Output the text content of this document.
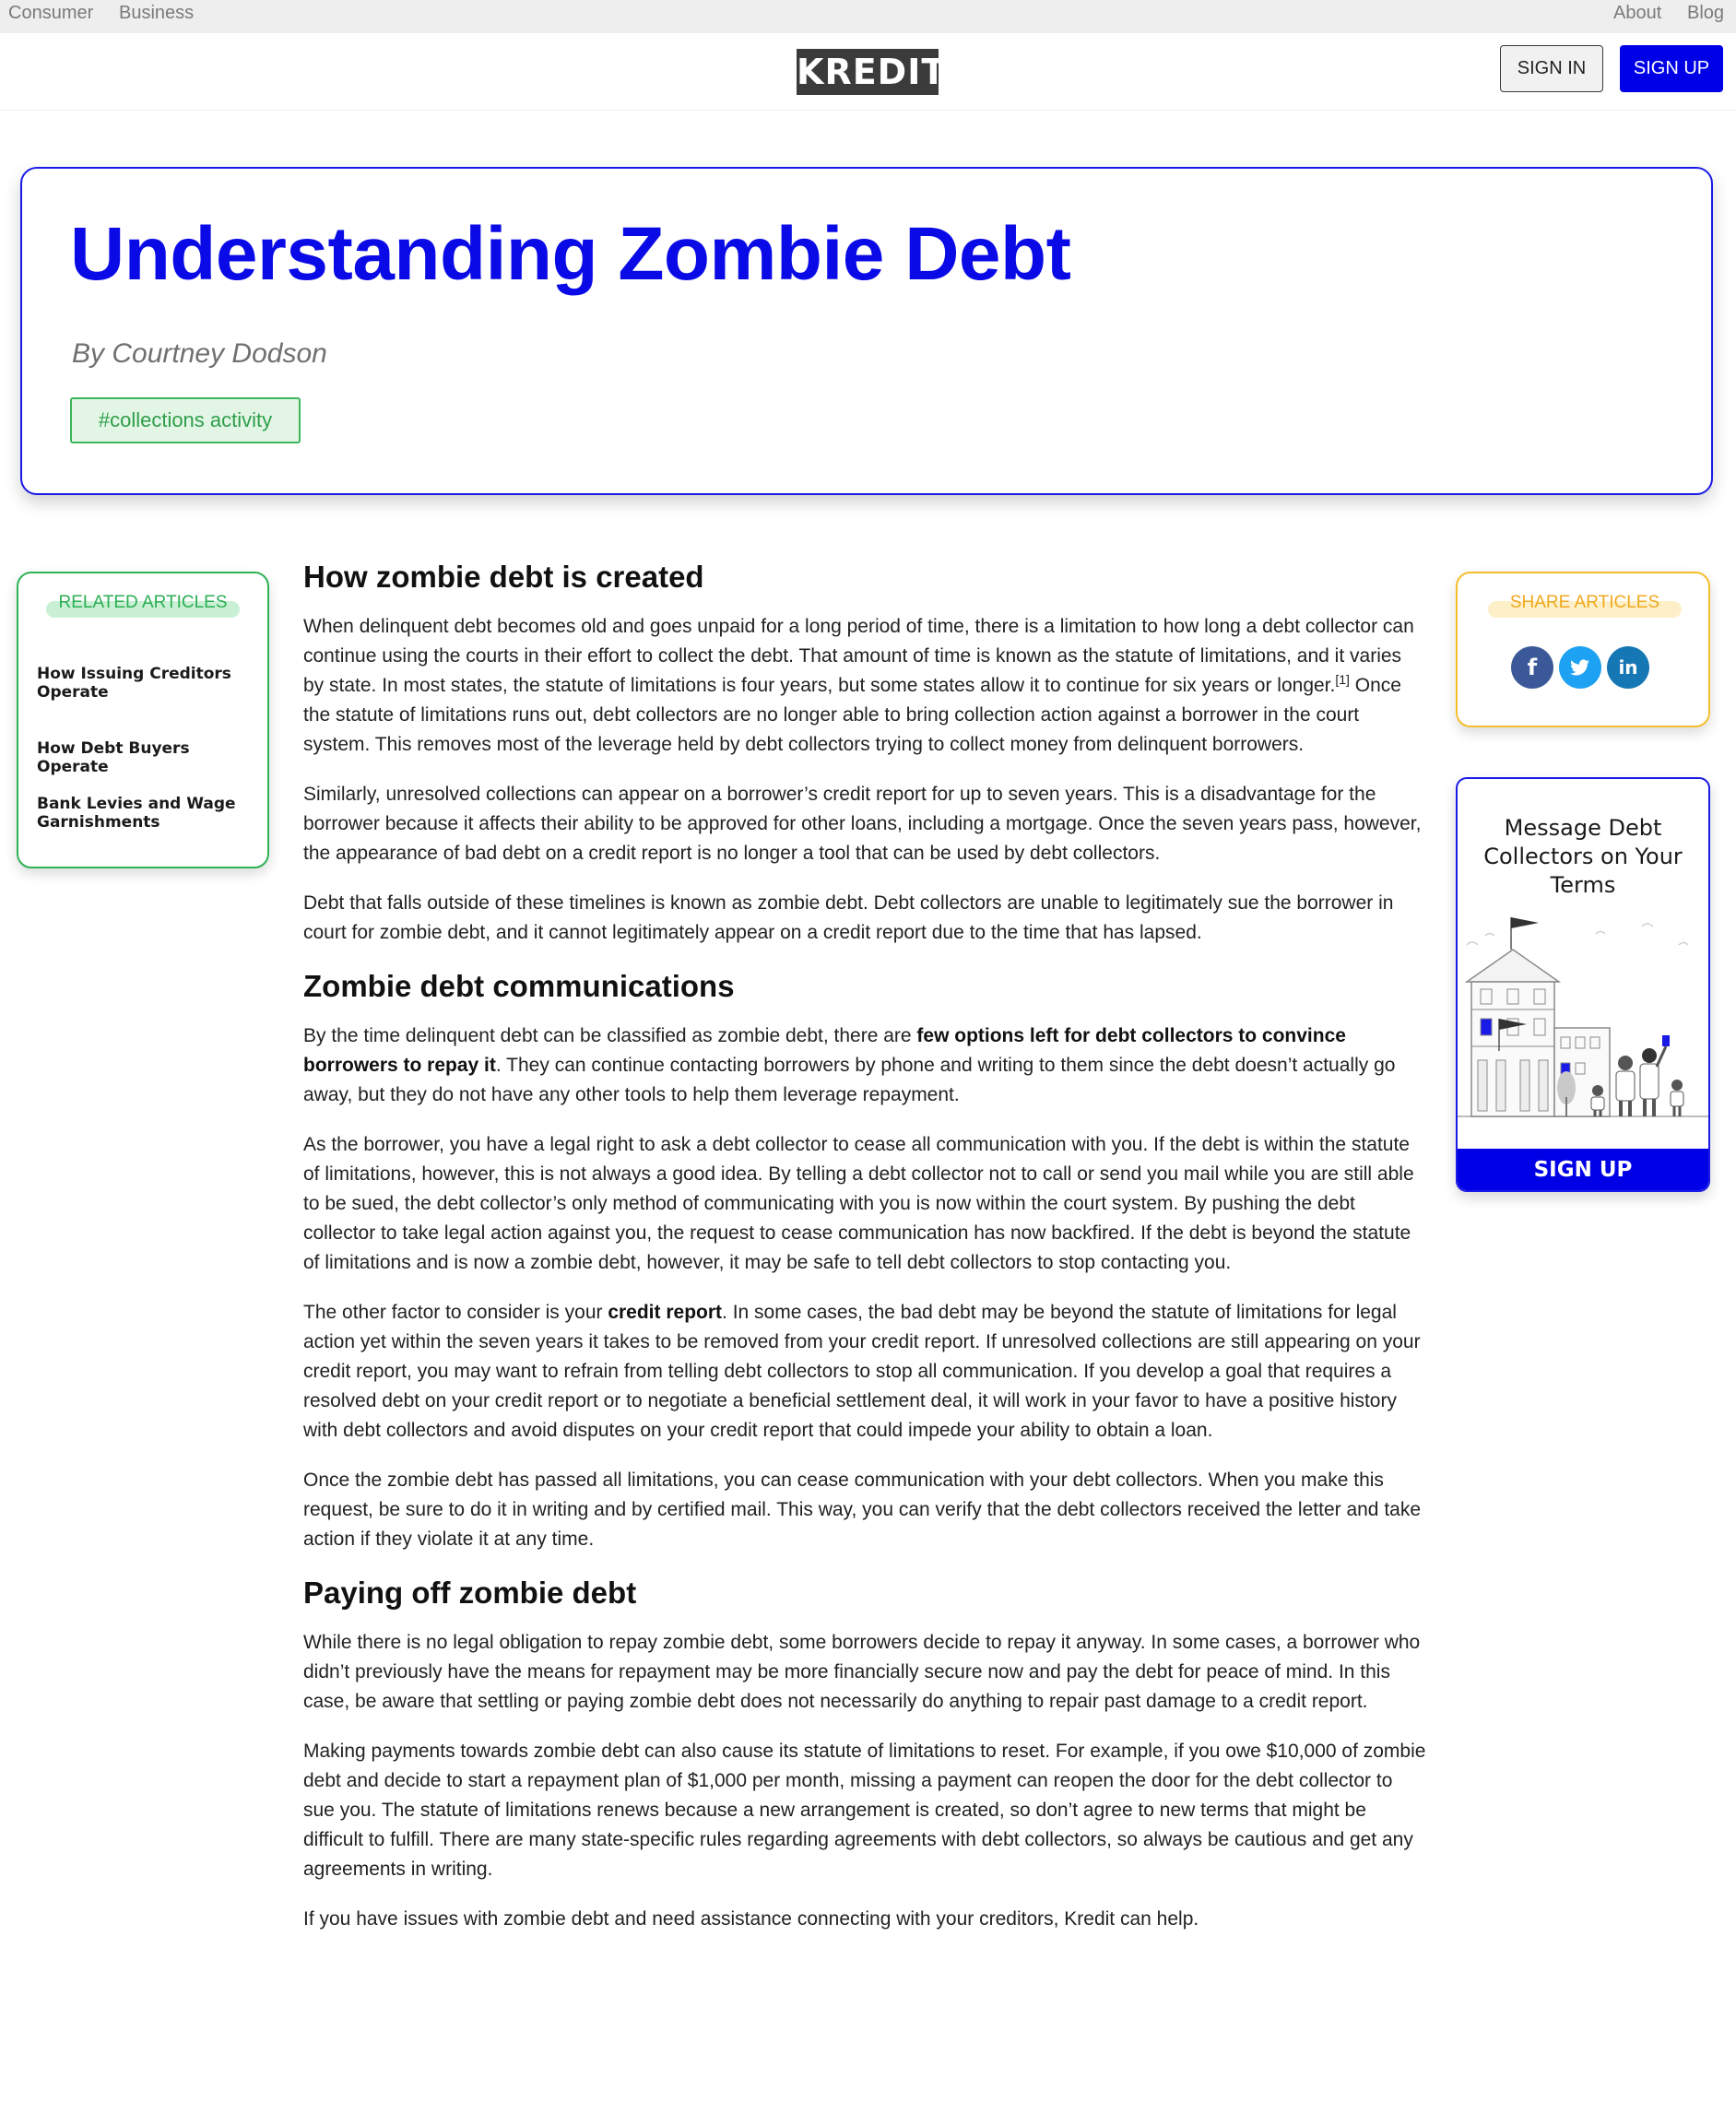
Consumer Business	About Blog
KREDIT	SIGN IN	SIGN UP
Understanding Zombie Debt
By Courtney Dodson
#collections activity
RELATED ARTICLES
How Issuing Creditors Operate
How Debt Buyers Operate
Bank Levies and Wage Garnishments
SHARE ARTICLES
f	in
Message Debt Collectors on Your Terms
SIGN UP
How zombie debt is created

When delinquent debt becomes old and goes unpaid for a long period of time, there is a limitation to how long a debt collector can continue using the courts in their effort to collect the debt. That amount of time is known as the statute of limitations, and it varies by state. In most states, the statute of limitations is four years, but some states allow it to continue for six years or longer.[1] Once the statute of limitations runs out, debt collectors are no longer able to bring collection action against a borrower in the court system. This removes most of the leverage held by debt collectors trying to collect money from delinquent borrowers.

Similarly, unresolved collections can appear on a borrower’s credit report for up to seven years. This is a disadvantage for the borrower because it affects their ability to be approved for other loans, including a mortgage. Once the seven years pass, however, the appearance of bad debt on a credit report is no longer a tool that can be used by debt collectors.

Debt that falls outside of these timelines is known as zombie debt. Debt collectors are unable to legitimately sue the borrower in court for zombie debt, and it cannot legitimately appear on a credit report due to the time that has lapsed.

Zombie debt communications

By the time delinquent debt can be classified as zombie debt, there are few options left for debt collectors to convince borrowers to repay it. They can continue contacting borrowers by phone and writing to them since the debt doesn’t actually go away, but they do not have any other tools to help them leverage repayment.

As the borrower, you have a legal right to ask a debt collector to cease all communication with you. If the debt is within the statute of limitations, however, this is not always a good idea. By telling a debt collector not to call or send you mail while you are still able to be sued, the debt collector’s only method of communicating with you is now within the court system. By pushing the debt collector to take legal action against you, the request to cease communication has now backfired. If the debt is beyond the statute of limitations and is now a zombie debt, however, it may be safe to tell debt collectors to stop contacting you.

The other factor to consider is your credit report. In some cases, the bad debt may be beyond the statute of limitations for legal action yet within the seven years it takes to be removed from your credit report. If unresolved collections are still appearing on your credit report, you may want to refrain from telling debt collectors to stop all communication. If you develop a goal that requires a resolved debt on your credit report or to negotiate a beneficial settlement deal, it will work in your favor to have a positive history with debt collectors and avoid disputes on your credit report that could impede your ability to obtain a loan.

Once the zombie debt has passed all limitations, you can cease communication with your debt collectors. When you make this request, be sure to do it in writing and by certified mail. This way, you can verify that the debt collectors received the letter and take action if they violate it at any time.

Paying off zombie debt

While there is no legal obligation to repay zombie debt, some borrowers decide to repay it anyway. In some cases, a borrower who didn’t previously have the means for repayment may be more financially secure now and pay the debt for peace of mind. In this case, be aware that settling or paying zombie debt does not necessarily do anything to repair past damage to a credit report.

Making payments towards zombie debt can also cause its statute of limitations to reset. For example, if you owe $10,000 of zombie debt and decide to start a repayment plan of $1,000 per month, missing a payment can reopen the door for the debt collector to sue you. The statute of limitations renews because a new arrangement is created, so don’t agree to new terms that might be difficult to fulfill. There are many state-specific rules regarding agreements with debt collectors, so always be cautious and get any agreements in writing.

If you have issues with zombie debt and need assistance connecting with your creditors, Kredit can help.
